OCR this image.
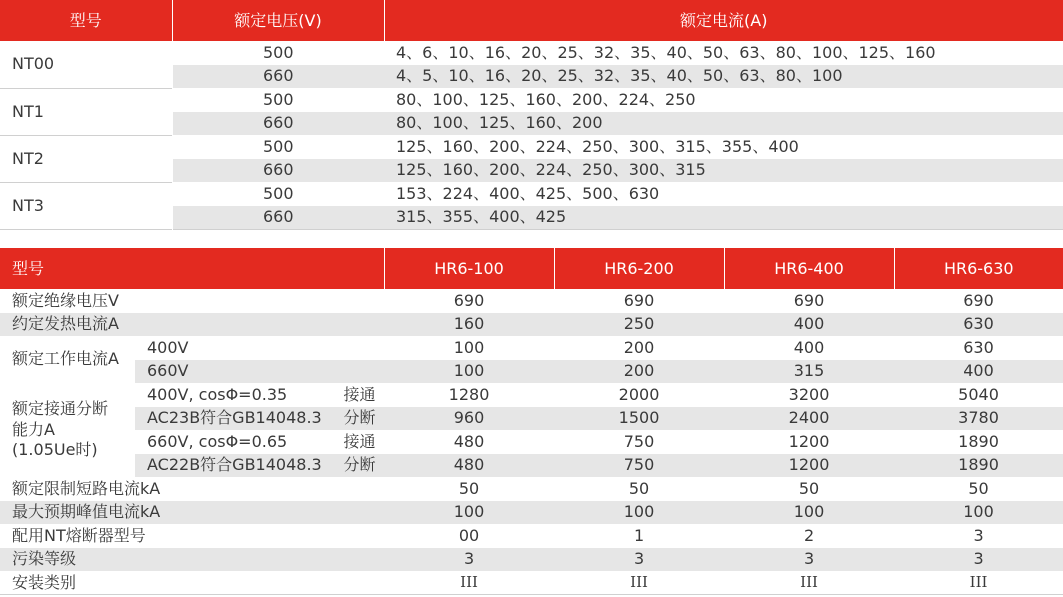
型号	额定电压(V)	额定电流(A)
NT00	500	4、6、10、16、20、25、32、35、40、50、63、80、100、125、160
	660	4、5、10、16、20、25、32、35、40、50、63、80、100
NT1	500	80、100、125、160、200、224、250
	660	80、100、125、160、200
NT2	500	125、160、200、224、250、300、315、355、400
	660	125、160、200、224、250、300、315
NT3	500	153、224、400、425、500、630
	660	315、355、400、425
型号			HR6-100	HR6-200	HR6-400	HR6-630
额定绝缘电压V			690	690	690	690
约定发热电流A			160	250	400	630
额定工作电流A	400V		100	200	400	630
	660V		100	200	315	400
额定接通分断
能力A
(1.05Ue时)	400V, cosΦ=0.35	接通	1280	2000	3200	5040
	AC23B符合GB14048.3	分断	960	1500	2400	3780
	660V, cosΦ=0.65	接通	480	750	1200	1890
	AC22B符合GB14048.3	分断	480	750	1200	1890
额定限制短路电流kA			50	50	50	50
最大预期峰值电流kA			100	100	100	100
配用NT熔断器型号			00	1	2	3
污染等级			3	3	3	3
安装类别			III	III	III	III
